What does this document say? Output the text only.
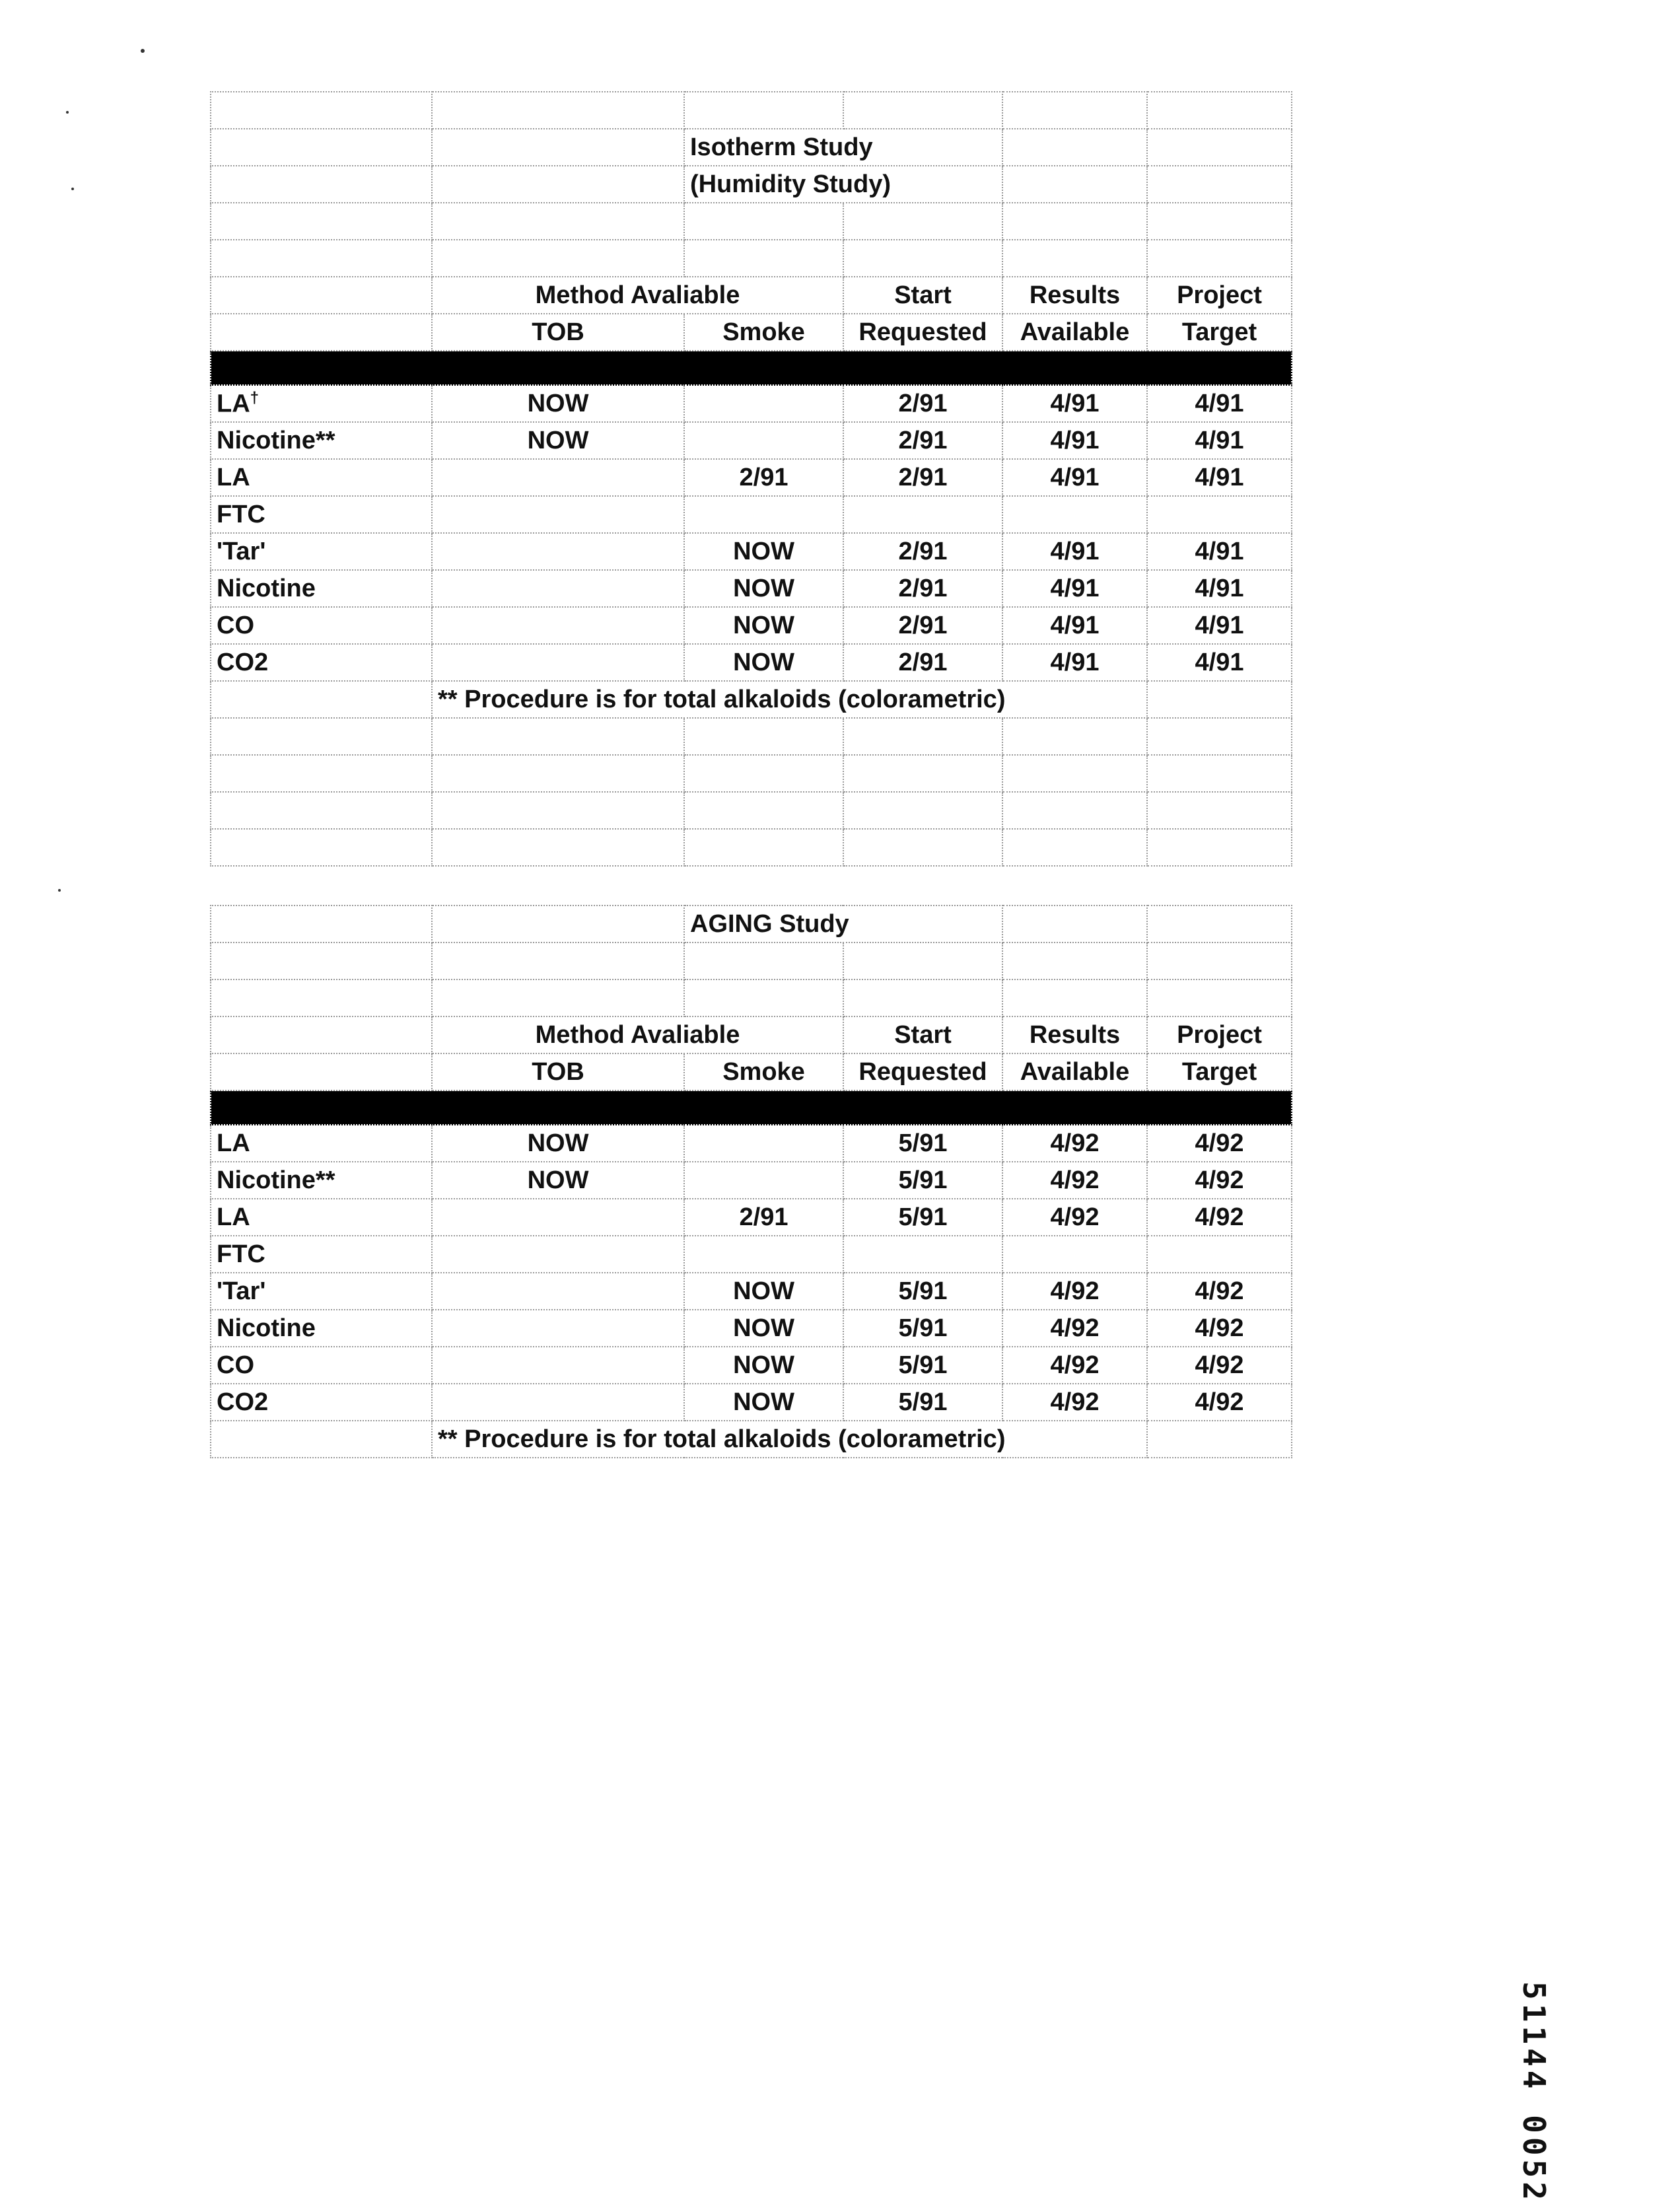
		Isotherm Study			
		(Humidity Study)			

	Method Avaliable		Start	Results	Project
	TOB	Smoke	Requested	Available	Target

LA†	NOW		2/91	4/91	4/91
Nicotine**	NOW		2/91	4/91	4/91
LA		2/91	2/91	4/91	4/91
FTC					
'Tar'		NOW	2/91	4/91	4/91
Nicotine		NOW	2/91	4/91	4/91
CO		NOW	2/91	4/91	4/91
CO2		NOW	2/91	4/91	4/91
	** Procedure is for total alkaloids (colorametric)				

		AGING Study			

	Method Avaliable		Start	Results	Project
	TOB	Smoke	Requested	Available	Target

LA	NOW		5/91	4/92	4/92
Nicotine**	NOW		5/91	4/92	4/92
LA		2/91	5/91	4/92	4/92
FTC					
'Tar'		NOW	5/91	4/92	4/92
Nicotine		NOW	5/91	4/92	4/92
CO		NOW	5/91	4/92	4/92
CO2		NOW	5/91	4/92	4/92
	** Procedure is for total alkaloids (colorametric)				
51144 0052
